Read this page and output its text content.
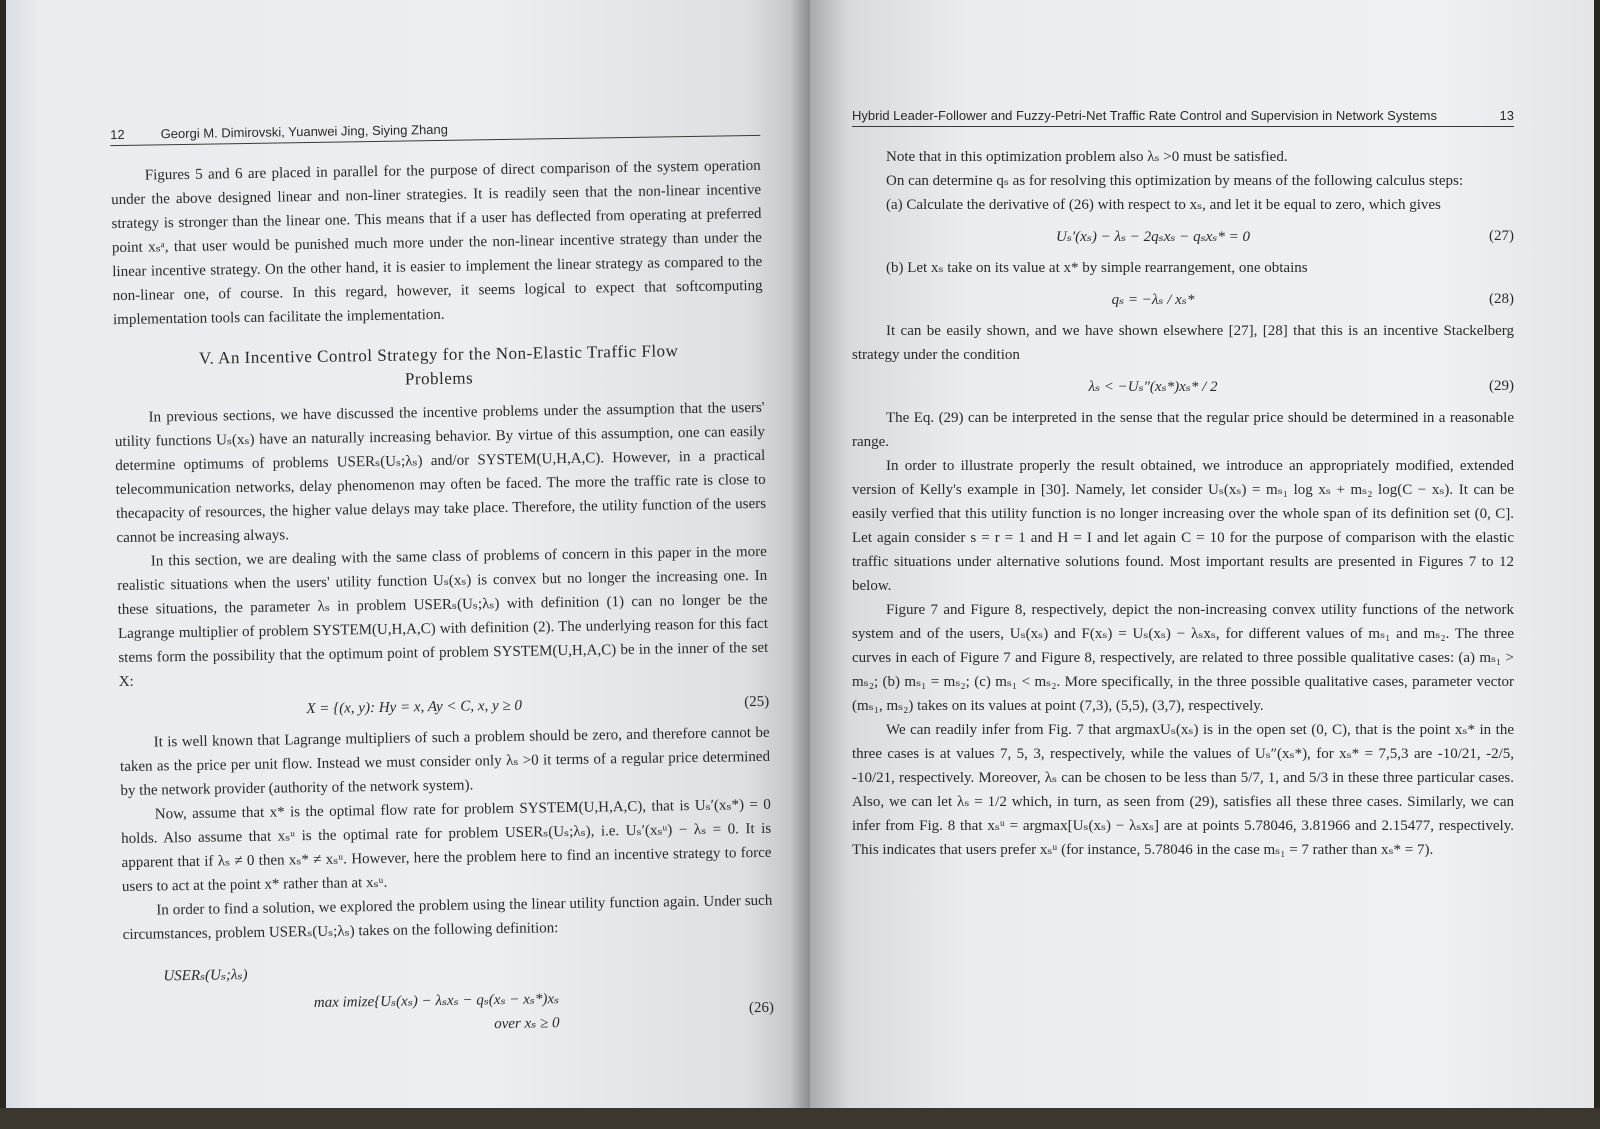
12	Georgi M. Dimirovski, Yuanwei Jing, Siying Zhang

Figures 5 and 6 are placed in parallel for the purpose of direct comparison of the system operation under the above designed linear and non-liner strategies. It is readily seen that the non-linear incentive strategy is stronger than the linear one. This means that if a user has deflected from operating at preferred point xₛᵃ, that user would be punished much more under the non-linear incentive strategy than under the linear incentive strategy. On the other hand, it is easier to implement the linear strategy as compared to the non-linear one, of course. In this regard, however, it seems logical to expect that softcomputing implementation tools can facilitate the implementation.

V. An Incentive Control Strategy for the Non-Elastic Traffic Flow
Problems

In previous sections, we have discussed the incentive problems under the assumption that the users' utility functions Uₛ(xₛ) have an naturally increasing behavior. By virtue of this assumption, one can easily determine optimums of problems USERₛ(Uₛ;λₛ) and/or SYSTEM(U,H,A,C). However, in a practical telecommunication networks, delay phenomenon may often be faced. The more the traffic rate is close to thecapacity of resources, the higher value delays may take place. Therefore, the utility function of the users cannot be increasing always.

In this section, we are dealing with the same class of problems of concern in this paper in the more realistic situations when the users' utility function Uₛ(xₛ) is convex but no longer the increasing one. In these situations, the parameter λₛ in problem USERₛ(Uₛ;λₛ) with definition (1) can no longer be the Lagrange multiplier of problem SYSTEM(U,H,A,C) with definition (2). The underlying reason for this fact stems form the possibility that the optimum point of problem SYSTEM(U,H,A,C) be in the inner of the set X:

X = {(x, y): Hy = x, Ay < C, x, y ≥ 0	(25)

It is well known that Lagrange multipliers of such a problem should be zero, and therefore cannot be taken as the price per unit flow. Instead we must consider only λₛ >0 it terms of a regular price determined by the network provider (authority of the network system).

Now, assume that x* is the optimal flow rate for problem SYSTEM(U,H,A,C), that is Uₛ′(xₛ*) = 0 holds. Also assume that xₛᵘ is the optimal rate for problem USERₛ(Uₛ;λₛ), i.e. Uₛ′(xₛᵘ) − λₛ = 0. It is apparent that if λₛ ≠ 0 then xₛ* ≠ xₛᵘ. However, here the problem here to find an incentive strategy to force users to act at the point x* rather than at xₛᵘ.

In order to find a solution, we explored the problem using the linear utility function again. Under such circumstances, problem USERₛ(Uₛ;λₛ) takes on the following definition:

USERₛ(Uₛ;λₛ)
max imize{Uₛ(xₛ) − λₛxₛ − qₛ(xₛ − xₛ*)xₛ
over xₛ ≥ 0
(26)
Hybrid Leader-Follower and Fuzzy-Petri-Net Traffic Rate Control and Supervision in Network Systems	13

Note that in this optimization problem also λₛ >0 must be satisfied.

On can determine qₛ as for resolving this optimization by means of the following calculus steps:

(a) Calculate the derivative of (26) with respect to xₛ, and let it be equal to zero, which gives

Uₛ′(xₛ) − λₛ − 2qₛxₛ − qₛxₛ* = 0	(27)

(b) Let xₛ take on its value at x* by simple rearrangement, one obtains

qₛ = −λₛ / xₛ*	(28)

It can be easily shown, and we have shown elsewhere [27], [28] that this is an incentive Stackelberg strategy under the condition

λₛ < −Uₛ″(xₛ*)xₛ* / 2	(29)

The Eq. (29) can be interpreted in the sense that the regular price should be determined in a reasonable range.

In order to illustrate properly the result obtained, we introduce an appropriately modified, extended version of Kelly's example in [30]. Namely, let consider Uₛ(xₛ) = mₛ₁ log xₛ + mₛ₂ log(C − xₛ). It can be easily verfied that this utility function is no longer increasing over the whole span of its definition set (0, C]. Let again consider s = r = 1 and H = I and let again C = 10 for the purpose of comparison with the elastic traffic situations under alternative solutions found. Most important results are presented in Figures 7 to 12 below.

Figure 7 and Figure 8, respectively, depict the non-increasing convex utility functions of the network system and of the users, Uₛ(xₛ) and F(xₛ) = Uₛ(xₛ) − λₛxₛ, for different values of mₛ₁ and mₛ₂. The three curves in each of Figure 7 and Figure 8, respectively, are related to three possible qualitative cases: (a) mₛ₁ > mₛ₂; (b) mₛ₁ = mₛ₂; (c) mₛ₁ < mₛ₂. More specifically, in the three possible qualitative cases, parameter vector (mₛ₁, mₛ₂) takes on its values at point (7,3), (5,5), (3,7), respectively.

We can readily infer from Fig. 7 that argmaxUₛ(xₛ) is in the open set (0, C), that is the point xₛ* in the three cases is at values 7, 5, 3, respectively, while the values of Uₛ″(xₛ*), for xₛ* = 7,5,3 are -10/21, -2/5, -10/21, respectively. Moreover, λₛ can be chosen to be less than 5/7, 1, and 5/3 in these three particular cases. Also, we can let λₛ = 1/2 which, in turn, as seen from (29), satisfies all these three cases. Similarly, we can infer from Fig. 8 that xₛᵘ = argmax[Uₛ(xₛ) − λₛxₛ] are at points 5.78046, 3.81966 and 2.15477, respectively. This indicates that users prefer xₛᵘ (for instance, 5.78046 in the case mₛ₁ = 7 rather than xₛ* = 7).
